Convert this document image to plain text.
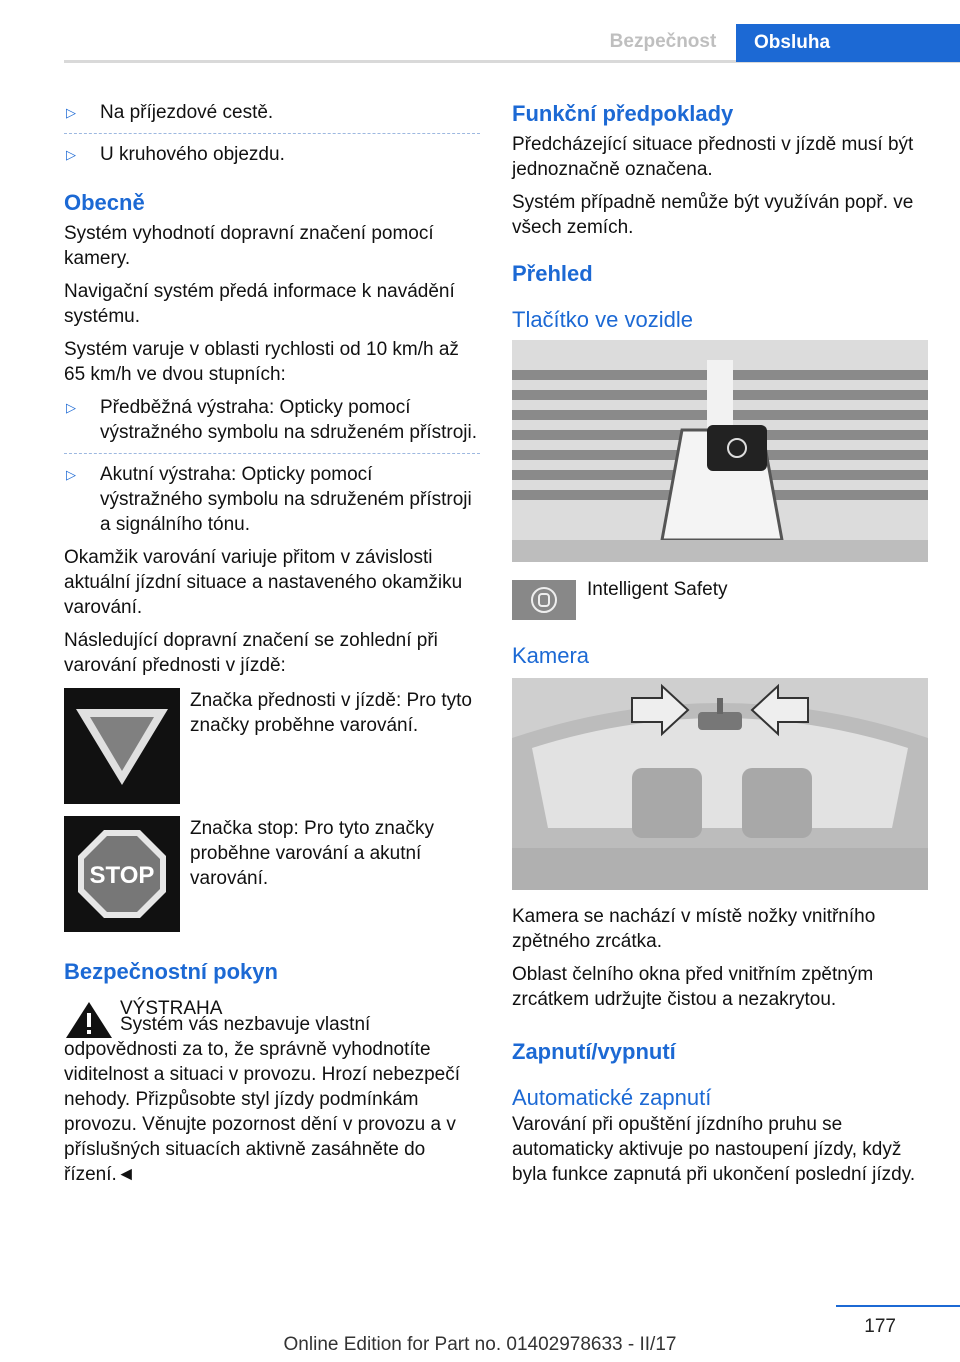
Bezpečnost	Obsluha
▷	Na příjezdové cestě.
▷	U kruhového objezdu.
Obecně

Systém vyhodnotí dopravní značení pomocí kamery.

Navigační systém předá informace k navádění systému.

Systém varuje v oblasti rychlosti od 10 km/h až 65 km/h ve dvou stupních:

▷	Předběžná výstraha: Opticky pomocí výstražného symbolu na sdruženém přístroji.
▷	Akutní výstraha: Opticky pomocí výstražného symbolu na sdruženém přístroji a signálního tónu.

Okamžik varování variuje přitom v závislosti aktuální jízdní situace a nastaveného okamžiku varování.

Následující dopravní značení se zohlední při varování přednosti v jízdě:

Značka přednosti v jízdě: Pro tyto značky proběhne varování.
STOP
Značka stop: Pro tyto značky proběhne varování a akutní varování.
Bezpečnostní pokyn
VÝSTRAHA
Systém vás nezbavuje vlastní odpovědnosti za to, že správně vyhodnotíte viditelnost a situaci v provozu. Hrozí nebezpečí nehody. Přizpůsobte styl jízdy podmínkám provozu. Věnujte pozornost dění v provozu a v příslušných situacích aktivně zasáhněte do řízení.◄
Funkční předpoklady

Předcházející situace přednosti v jízdě musí být jednoznačně označena.

Systém případně nemůže být využíván popř. ve všech zemích.

Přehled
Tlačítko ve vozidle
Intelligent Safety
Kamera

Kamera se nachází v místě nožky vnitřního zpětného zrcátka.

Oblast čelního okna před vnitřním zpětným zrcátkem udržujte čistou a nezakrytou.

Zapnutí/vypnutí
Automatické zapnutí

Varování při opuštění jízdního pruhu se automaticky aktivuje po nastoupení jízdy, když byla funkce zapnutá při ukončení poslední jízdy.

177
Online Edition for Part no. 01402978633 - II/17
